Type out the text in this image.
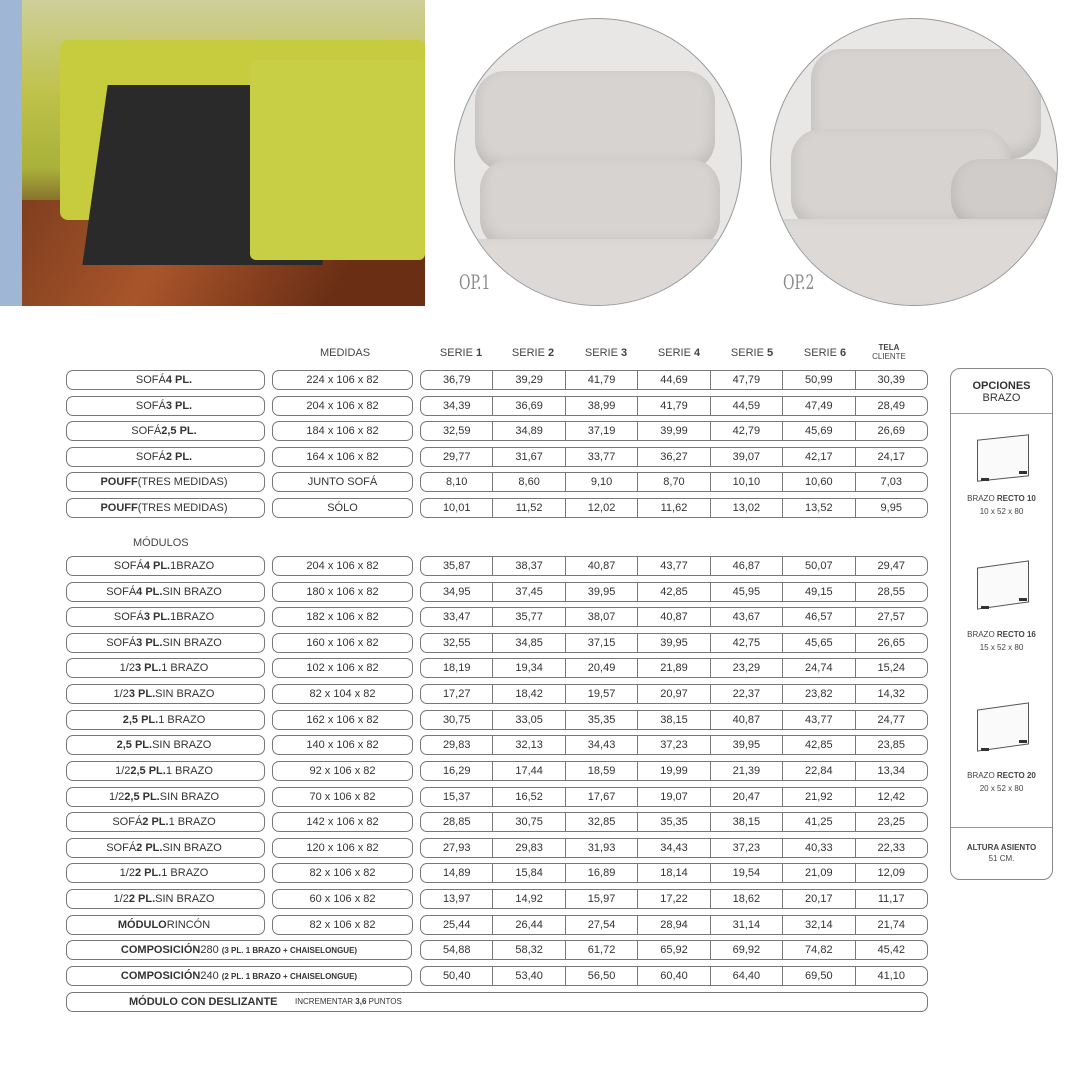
OP.1	OP.2
MEDIDAS	SERIE 1	SERIE 2	SERIE 3	SERIE 4	SERIE 5	SERIE 6	TELA
CLIENTE
MÓDULOS
SOFÁ 4 PL.	224 x 106 x 82	36,79	39,29	41,79	44,69	47,79	50,99	30,39
SOFÁ 3 PL.	204 x 106 x 82	34,39	36,69	38,99	41,79	44,59	47,49	28,49
SOFÁ 2,5 PL.	184 x 106 x 82	32,59	34,89	37,19	39,99	42,79	45,69	26,69
SOFÁ 2 PL.	164 x 106 x 82	29,77	31,67	33,77	36,27	39,07	42,17	24,17
POUFF (TRES MEDIDAS)	JUNTO SOFÁ	8,10	8,60	9,10	8,70	10,10	10,60	7,03
POUFF (TRES MEDIDAS)	SÓLO	10,01	11,52	12,02	11,62	13,02	13,52	9,95
SOFÁ 4 PL. 1BRAZO	204 x 106 x 82	35,87	38,37	40,87	43,77	46,87	50,07	29,47
SOFÁ 4 PL. SIN BRAZO	180 x 106 x 82	34,95	37,45	39,95	42,85	45,95	49,15	28,55
SOFÁ 3 PL. 1BRAZO	182 x 106 x 82	33,47	35,77	38,07	40,87	43,67	46,57	27,57
SOFÁ 3 PL. SIN BRAZO	160 x 106 x 82	32,55	34,85	37,15	39,95	42,75	45,65	26,65
1/2 3 PL. 1 BRAZO	102 x 106 x 82	18,19	19,34	20,49	21,89	23,29	24,74	15,24
1/2 3 PL. SIN BRAZO	82 x 104 x 82	17,27	18,42	19,57	20,97	22,37	23,82	14,32
2,5 PL. 1 BRAZO	162 x 106 x 82	30,75	33,05	35,35	38,15	40,87	43,77	24,77
2,5 PL. SIN BRAZO	140 x 106 x 82	29,83	32,13	34,43	37,23	39,95	42,85	23,85
1/2 2,5 PL. 1 BRAZO	92 x 106 x 82	16,29	17,44	18,59	19,99	21,39	22,84	13,34
1/2 2,5 PL. SIN BRAZO	70 x 106 x 82	15,37	16,52	17,67	19,07	20,47	21,92	12,42
SOFÁ 2 PL. 1 BRAZO	142 x 106 x 82	28,85	30,75	32,85	35,35	38,15	41,25	23,25
SOFÁ 2 PL. SIN BRAZO	120 x 106 x 82	27,93	29,83	31,93	34,43	37,23	40,33	22,33
1/2 2 PL. 1 BRAZO	82 x 106 x 82	14,89	15,84	16,89	18,14	19,54	21,09	12,09
1/2 2 PL. SIN BRAZO	60 x 106 x 82	13,97	14,92	15,97	17,22	18,62	20,17	11,17
MÓDULO RINCÓN	82 x 106 x 82	25,44	26,44	27,54	28,94	31,14	32,14	21,74
COMPOSICIÓN 280 (3 PL. 1 BRAZO + CHAISELONGUE)	54,88	58,32	61,72	65,92	69,92	74,82	45,42
COMPOSICIÓN 240 (2 PL. 1 BRAZO + CHAISELONGUE)	50,40	53,40	56,50	60,40	64,40	69,50	41,10
MÓDULO CON DESLIZANTE INCREMENTAR 3,6 PUNTOS
OPCIONES
BRAZO
BRAZO RECTO 10
10 x 52 x 80
BRAZO RECTO 16
15 x 52 x 80
BRAZO RECTO 20
20 x 52 x 80
ALTURA ASIENTO
51 CM.
